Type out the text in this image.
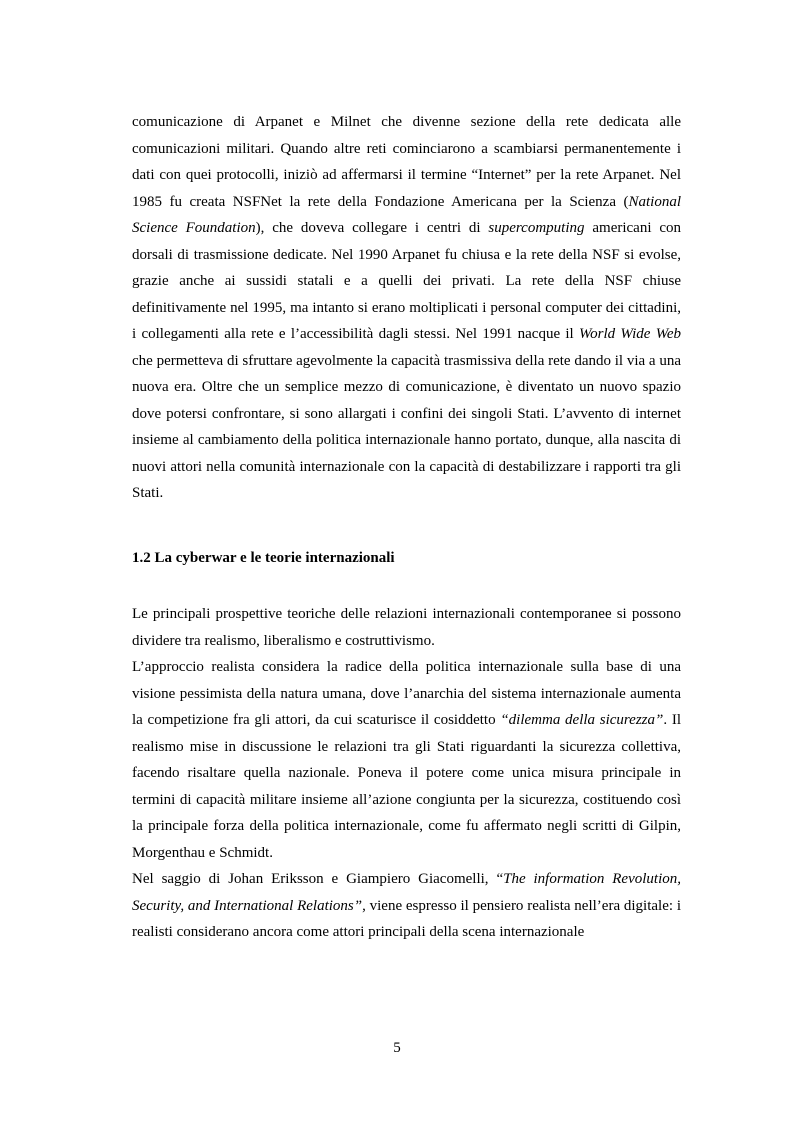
comunicazione di Arpanet e Milnet che divenne sezione della rete dedicata alle comunicazioni militari. Quando altre reti cominciarono a scambiarsi permanentemente i dati con quei protocolli, iniziò ad affermarsi il termine “Internet” per la rete Arpanet. Nel 1985 fu creata NSFNet la rete della Fondazione Americana per la Scienza (National Science Foundation), che doveva collegare i centri di supercomputing americani con dorsali di trasmissione dedicate. Nel 1990 Arpanet fu chiusa e la rete della NSF si evolse, grazie anche ai sussidi statali e a quelli dei privati. La rete della NSF chiuse definitivamente nel 1995, ma intanto si erano moltiplicati i personal computer dei cittadini, i collegamenti alla rete e l’accessibilità dagli stessi. Nel 1991 nacque il World Wide Web che permetteva di sfruttare agevolmente la capacità trasmissiva della rete dando il via a una nuova era. Oltre che un semplice mezzo di comunicazione, è diventato un nuovo spazio dove potersi confrontare, si sono allargati i confini dei singoli Stati. L’avvento di internet insieme al cambiamento della politica internazionale hanno portato, dunque, alla nascita di nuovi attori nella comunità internazionale con la capacità di destabilizzare i rapporti tra gli Stati.

1.2 La cyberwar e le teorie internazionali

Le principali prospettive teoriche delle relazioni internazionali contemporanee si possono dividere tra realismo, liberalismo e costruttivismo.

L’approccio realista considera la radice della politica internazionale sulla base di una visione pessimista della natura umana, dove l’anarchia del sistema internazionale aumenta la competizione fra gli attori, da cui scaturisce il cosiddetto “dilemma della sicurezza”. Il realismo mise in discussione le relazioni tra gli Stati riguardanti la sicurezza collettiva, facendo risaltare quella nazionale. Poneva il potere come unica misura principale in termini di capacità militare insieme all’azione congiunta per la sicurezza, costituendo così la principale forza della politica internazionale, come fu affermato negli scritti di Gilpin, Morgenthau e Schmidt.

Nel saggio di Johan Eriksson e Giampiero Giacomelli, “The information Revolution, Security, and International Relations”, viene espresso il pensiero realista nell’era digitale: i realisti considerano ancora come attori principali della scena internazionale

5
